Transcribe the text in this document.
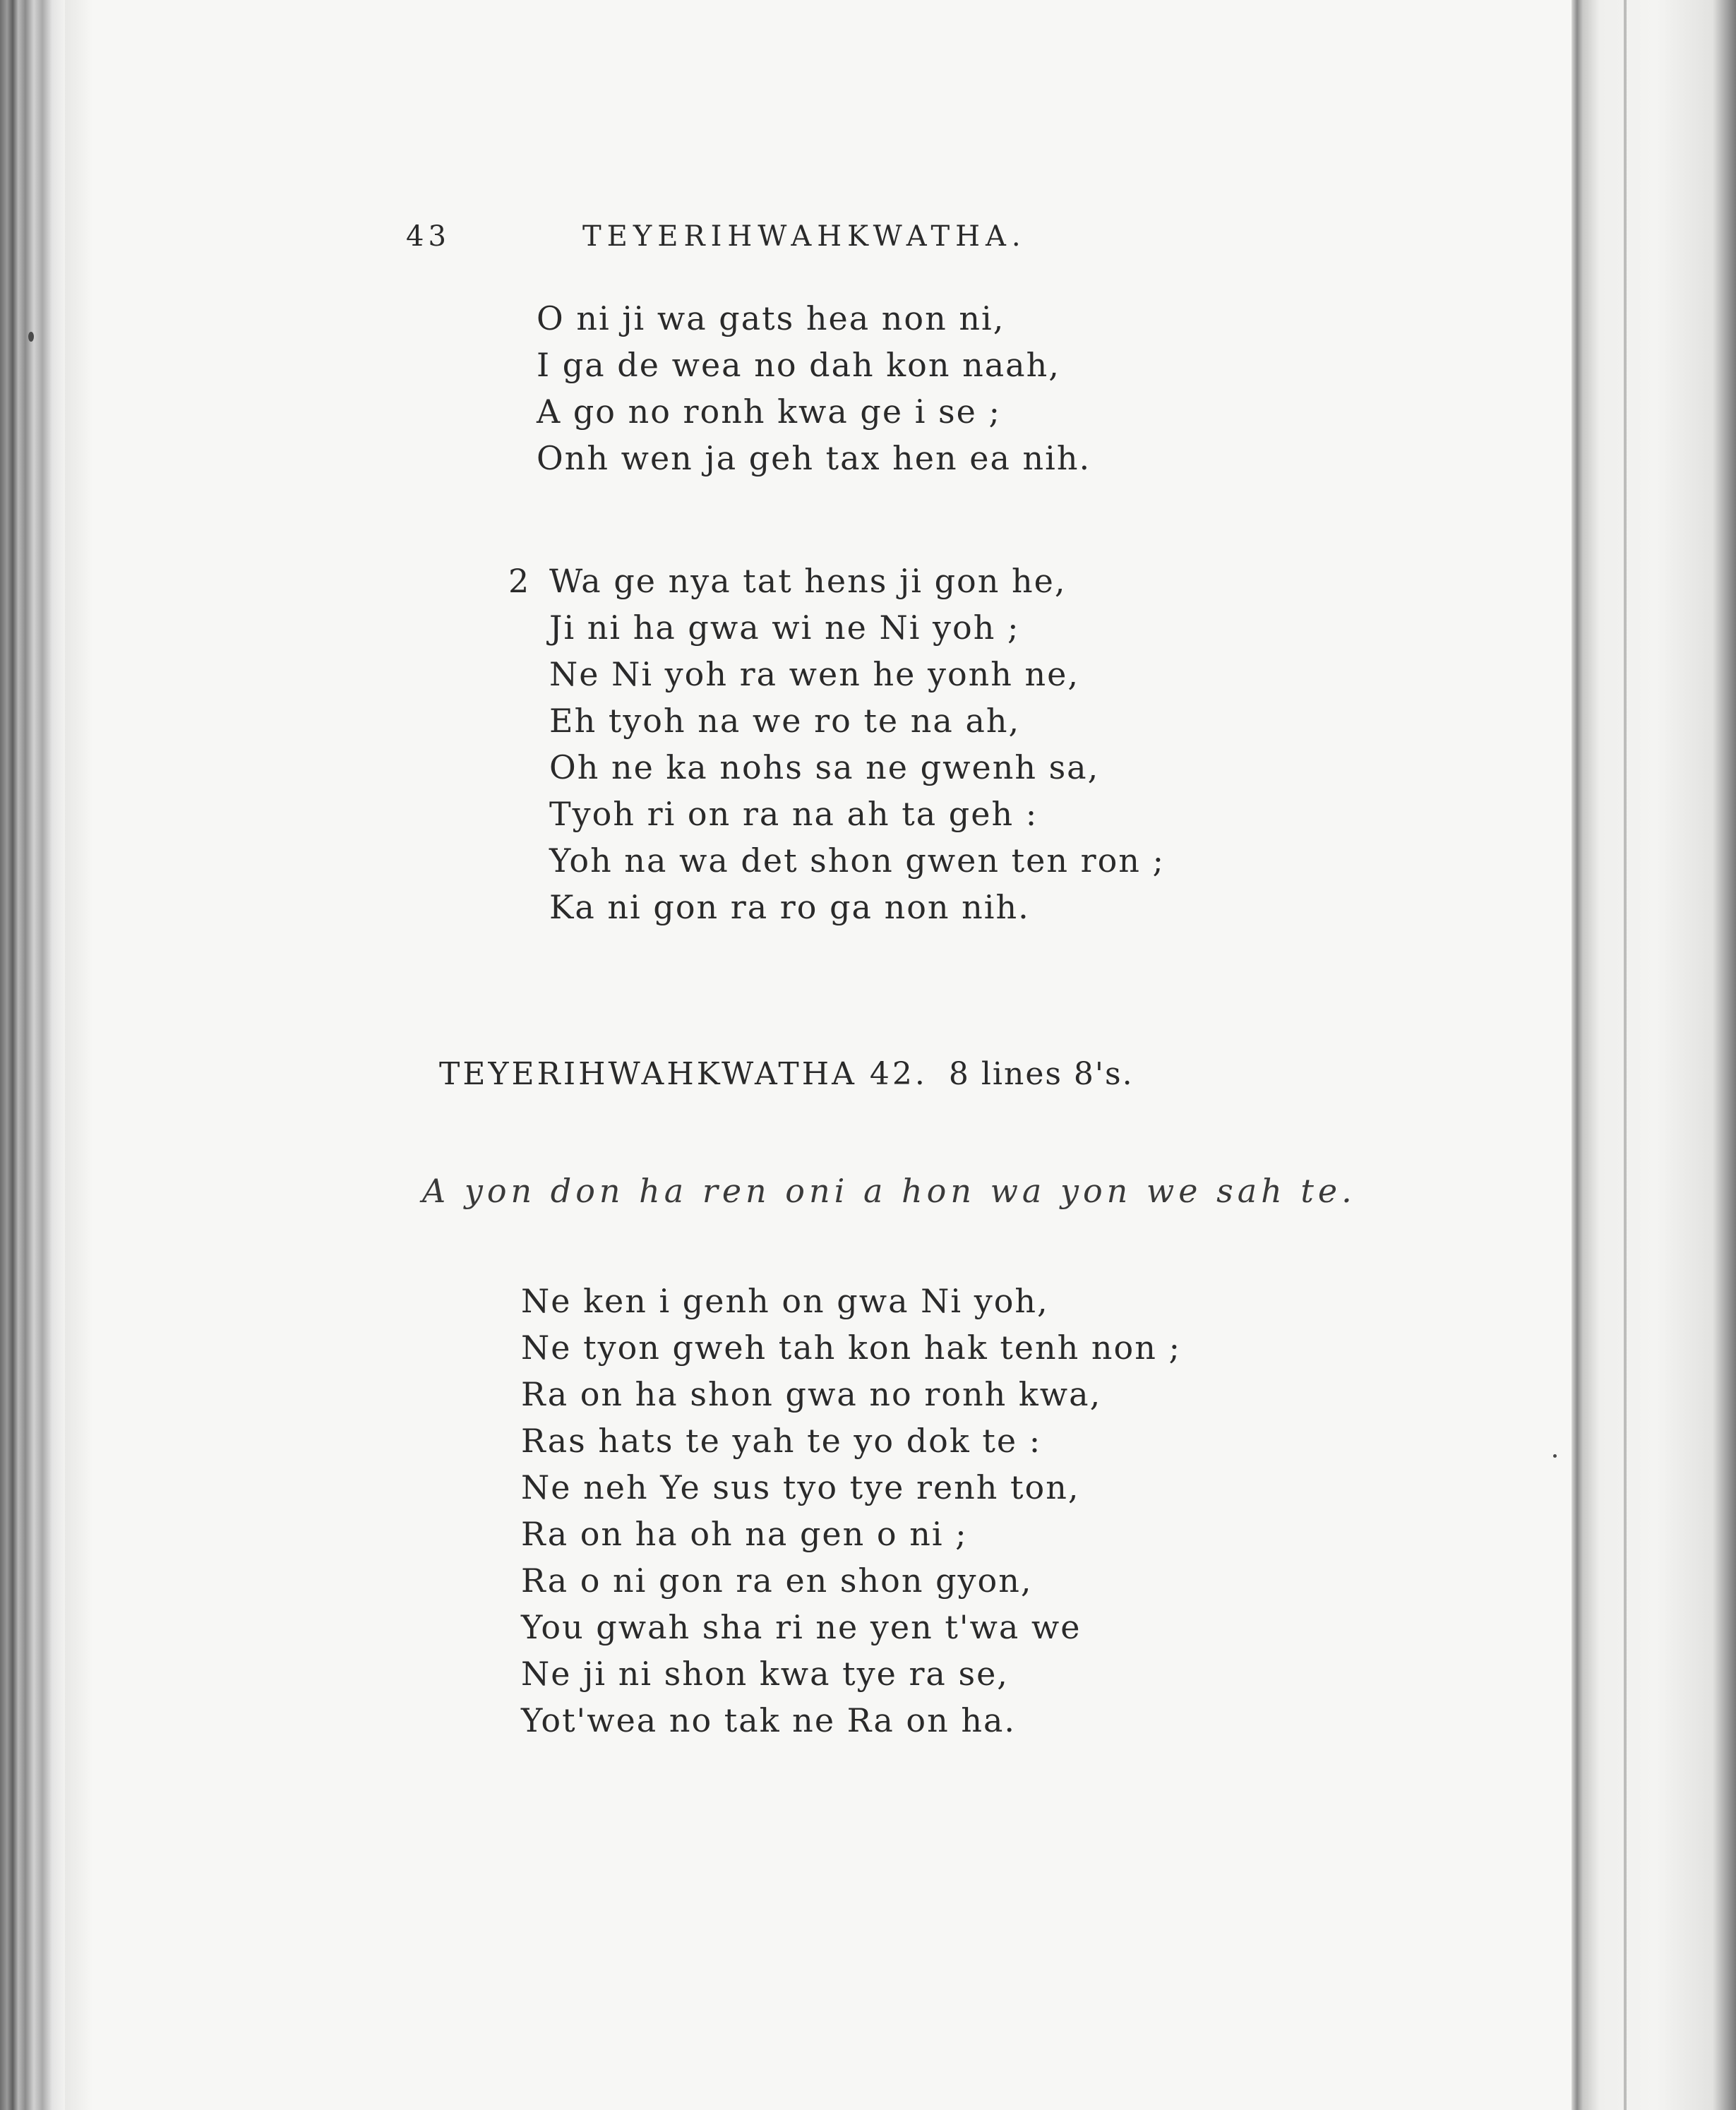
43	TEYERIHWAHKWATHA.
O ni ji wa gats hea non ni,
I ga de wea no dah kon naah,
A go no ronh kwa ge i se ;
Onh wen ja geh tax hen ea nih.
2 Wa ge nya tat hens ji gon he,
Ji ni ha gwa wi ne Ni yoh ;
Ne Ni yoh ra wen he yonh ne,
Eh tyoh na we ro te na ah,
Oh ne ka nohs sa ne gwenh sa,
Tyoh ri on ra na ah ta geh :
Yoh na wa det shon gwen ten ron ;
Ka ni gon ra ro ga non nih.
TEYERIHWAHKWATHA 42. 8 lines 8's.
A yon don ha ren oni a hon wa yon we sah te.
Ne ken i genh on gwa Ni yoh,
Ne tyon gweh tah kon hak tenh non ;
Ra on ha shon gwa no ronh kwa,
Ras hats te yah te yo dok te :
Ne neh Ye sus tyo tye renh ton,
Ra on ha oh na gen o ni ;
Ra o ni gon ra en shon gyon,
You gwah sha ri ne yen t'wa we
Ne ji ni shon kwa tye ra se,
Yot'wea no tak ne Ra on ha.
